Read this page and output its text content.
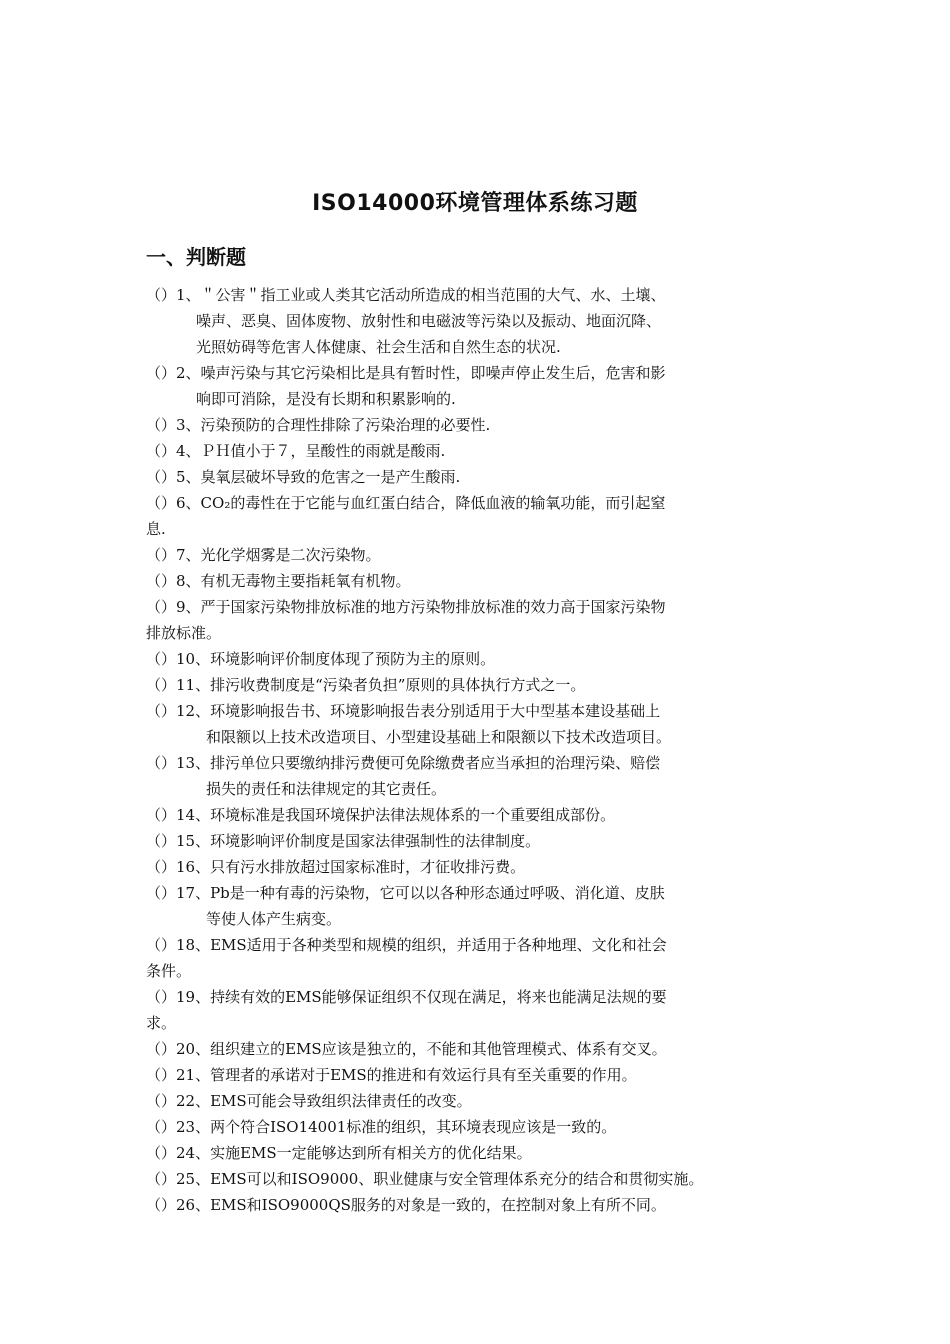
ISO14000环境管理体系练习题
一、判断题
（）1、＂公害＂指工业或人类其它活动所造成的相当范围的大气、水、土壤、
噪声、恶臭、固体废物、放射性和电磁波等污染以及振动、地面沉降、
光照妨碍等危害人体健康、社会生活和自然生态的状况.
（）2、噪声污染与其它污染相比是具有暂时性，即噪声停止发生后，危害和影
响即可消除，是没有长期和积累影响的.
（）3、污染预防的合理性排除了污染治理的必要性.
（）4、ＰＨ值小于７，呈酸性的雨就是酸雨.
（）5、臭氧层破坏导致的危害之一是产生酸雨.
（）6、CO₂的毒性在于它能与血红蛋白结合，降低血液的输氧功能，而引起窒
息.
（）7、光化学烟雾是二次污染物。
（）8、有机无毒物主要指耗氧有机物。
（）9、严于国家污染物排放标准的地方污染物排放标准的效力高于国家污染物
排放标准。
（）10、环境影响评价制度体现了预防为主的原则。
（）11、排污收费制度是“污染者负担”原则的具体执行方式之一。
（）12、环境影响报告书、环境影响报告表分别适用于大中型基本建设基础上
和限额以上技术改造项目、小型建设基础上和限额以下技术改造项目。
（）13、排污单位只要缴纳排污费便可免除缴费者应当承担的治理污染、赔偿
损失的责任和法律规定的其它责任。
（）14、环境标准是我国环境保护法律法规体系的一个重要组成部份。
（）15、环境影响评价制度是国家法律强制性的法律制度。
（）16、只有污水排放超过国家标准时，才征收排污费。
（）17、Pb是一种有毒的污染物，它可以以各种形态通过呼吸、消化道、皮肤
等使人体产生病变。
（）18、EMS适用于各种类型和规模的组织，并适用于各种地理、文化和社会
条件。
（）19、持续有效的EMS能够保证组织不仅现在满足，将来也能满足法规的要
求。
（）20、组织建立的EMS应该是独立的，不能和其他管理模式、体系有交叉。
（）21、管理者的承诺对于EMS的推进和有效运行具有至关重要的作用。
（）22、EMS可能会导致组织法律责任的改变。
（）23、两个符合ISO14001标准的组织，其环境表现应该是一致的。
（）24、实施EMS一定能够达到所有相关方的优化结果。
（）25、EMS可以和ISO9000、职业健康与安全管理体系充分的结合和贯彻实施。
（）26、EMS和ISO9000QS服务的对象是一致的，在控制对象上有所不同。
